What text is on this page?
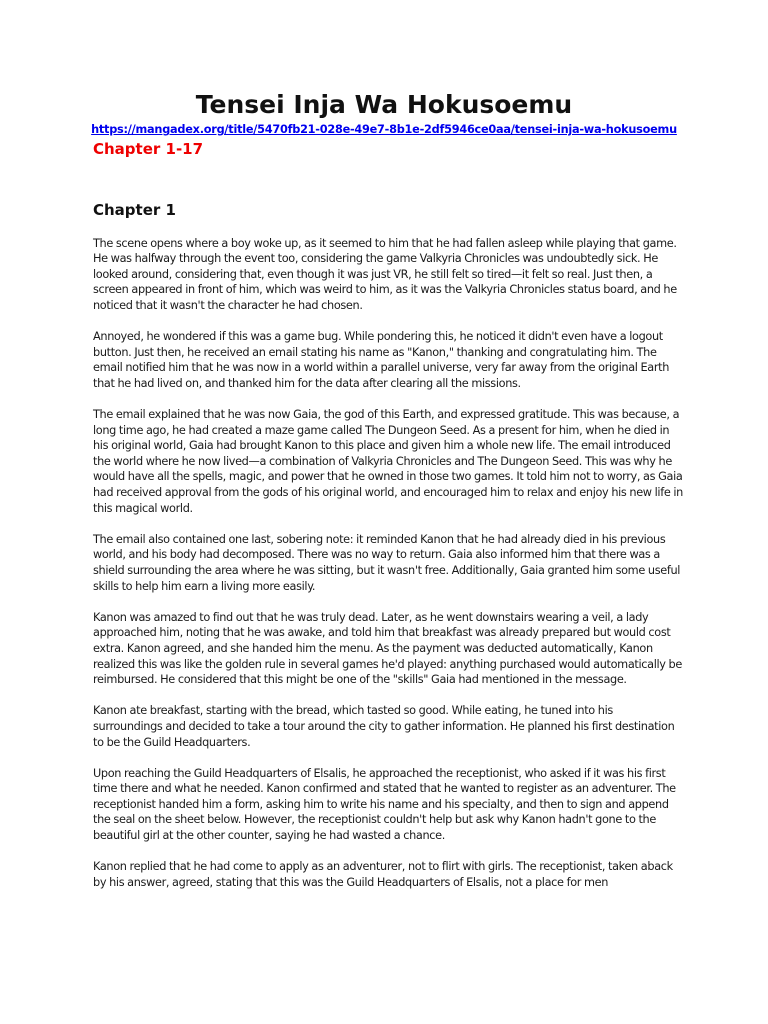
Tensei Inja Wa Hokusoemu
https://mangadex.org/title/5470fb21-028e-49e7-8b1e-2df5946ce0aa/tensei-inja-wa-hokusoemu
Chapter 1-17
Chapter 1

The scene opens where a boy woke up, as it seemed to him that he had fallen asleep while playing that game. He was halfway through the event too, considering the game Valkyria Chronicles was undoubtedly sick. He looked around, considering that, even though it was just VR, he still felt so tired—it felt so real. Just then, a screen appeared in front of him, which was weird to him, as it was the Valkyria Chronicles status board, and he noticed that it wasn't the character he had chosen.

Annoyed, he wondered if this was a game bug. While pondering this, he noticed it didn't even have a logout button. Just then, he received an email stating his name as "Kanon," thanking and congratulating him. The email notified him that he was now in a world within a parallel universe, very far away from the original Earth that he had lived on, and thanked him for the data after clearing all the missions.

The email explained that he was now Gaia, the god of this Earth, and expressed gratitude. This was because, a long time ago, he had created a maze game called The Dungeon Seed. As a present for him, when he died in his original world, Gaia had brought Kanon to this place and given him a whole new life. The email introduced the world where he now lived—a combination of Valkyria Chronicles and The Dungeon Seed. This was why he would have all the spells, magic, and power that he owned in those two games. It told him not to worry, as Gaia had received approval from the gods of his original world, and encouraged him to relax and enjoy his new life in this magical world.

The email also contained one last, sobering note: it reminded Kanon that he had already died in his previous world, and his body had decomposed. There was no way to return. Gaia also informed him that there was a shield surrounding the area where he was sitting, but it wasn't free. Additionally, Gaia granted him some useful skills to help him earn a living more easily.

Kanon was amazed to find out that he was truly dead. Later, as he went downstairs wearing a veil, a lady approached him, noting that he was awake, and told him that breakfast was already prepared but would cost extra. Kanon agreed, and she handed him the menu. As the payment was deducted automatically, Kanon realized this was like the golden rule in several games he'd played: anything purchased would automatically be reimbursed. He considered that this might be one of the "skills" Gaia had mentioned in the message.

Kanon ate breakfast, starting with the bread, which tasted so good. While eating, he tuned into his surroundings and decided to take a tour around the city to gather information. He planned his first destination to be the Guild Headquarters.

Upon reaching the Guild Headquarters of Elsalis, he approached the receptionist, who asked if it was his first time there and what he needed. Kanon confirmed and stated that he wanted to register as an adventurer. The receptionist handed him a form, asking him to write his name and his specialty, and then to sign and append the seal on the sheet below. However, the receptionist couldn't help but ask why Kanon hadn't gone to the beautiful girl at the other counter, saying he had wasted a chance.

Kanon replied that he had come to apply as an adventurer, not to flirt with girls. The receptionist, taken aback by his answer, agreed, stating that this was the Guild Headquarters of Elsalis, not a place for men
